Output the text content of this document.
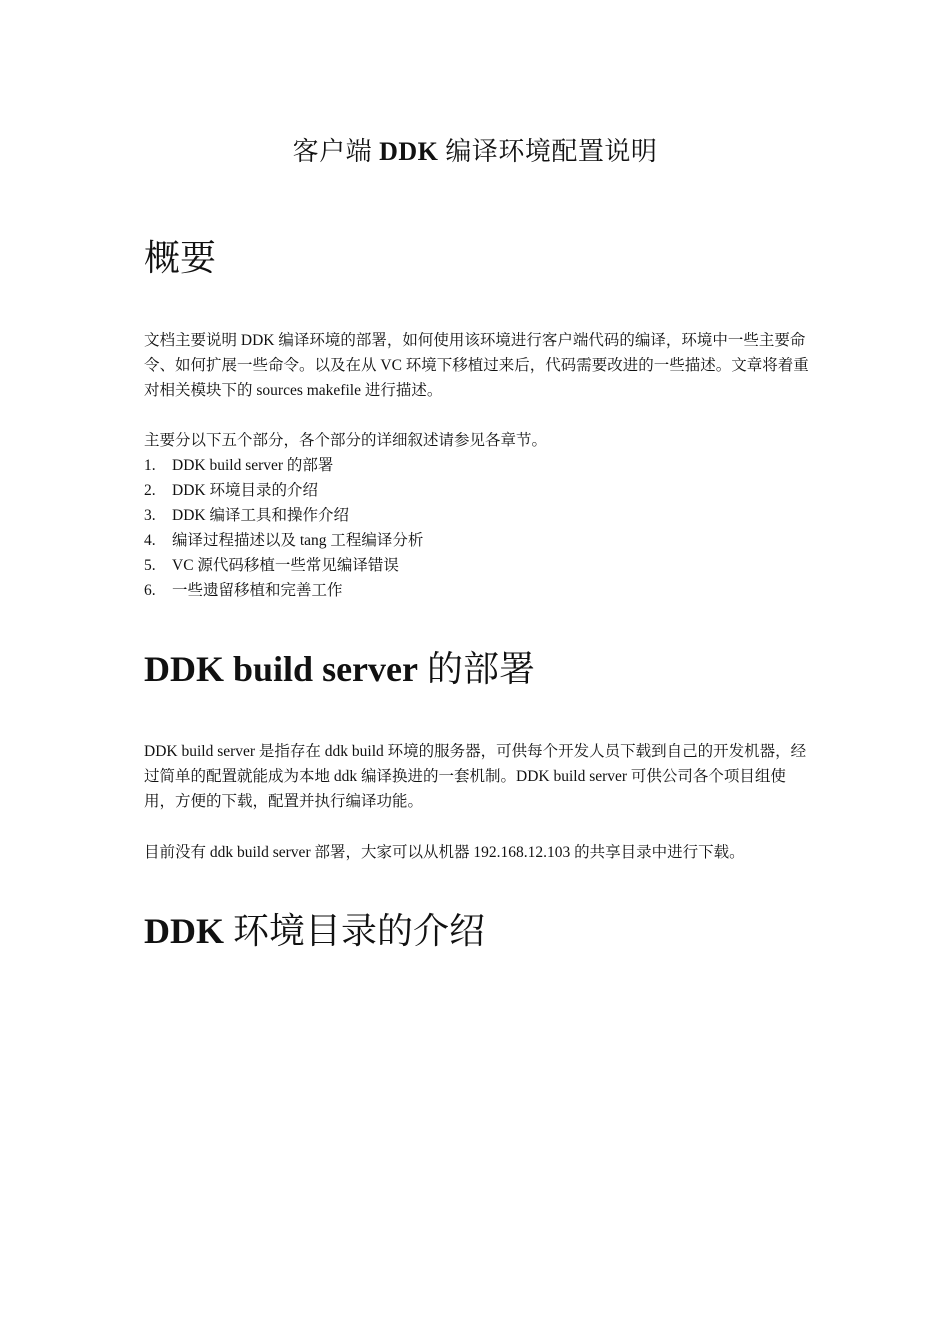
客户端 DDK 编译环境配置说明
概要

文档主要说明 DDK 编译环境的部署，如何使用该环境进行客户端代码的编译，环境中一些主要命令、如何扩展一些命令。以及在从 VC 环境下移植过来后，代码需要改进的一些描述。文章将着重对相关模块下的 sources makefile 进行描述。

主要分以下五个部分，各个部分的详细叙述请参见各章节。

1.	DDK build server 的部署
2.	DDK 环境目录的介绍
3.	DDK 编译工具和操作介绍
4.	编译过程描述以及 tang 工程编译分析
5.	VC 源代码移植一些常见编译错误
6.	一些遗留移植和完善工作
DDK build server 的部署

DDK build server 是指存在 ddk build 环境的服务器，可供每个开发人员下载到自己的开发机器，经过简单的配置就能成为本地 ddk 编译换进的一套机制。DDK build server 可供公司各个项目组使用，方便的下载，配置并执行编译功能。

目前没有 ddk build server 部署，大家可以从机器 192.168.12.103 的共享目录中进行下载。

DDK 环境目录的介绍
